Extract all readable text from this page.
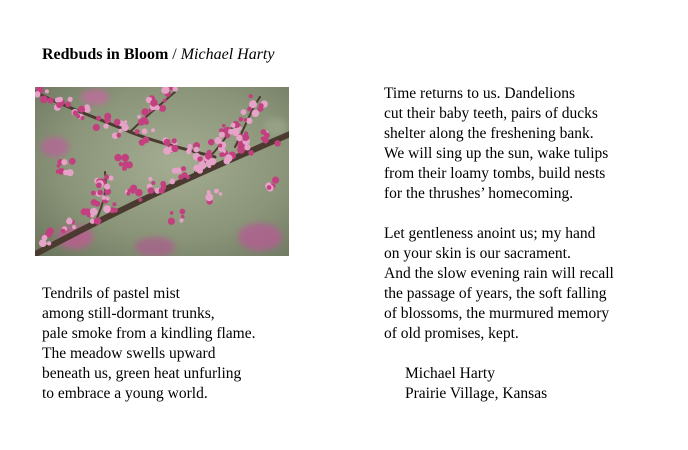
Redbuds in Bloom / Michael Harty
Tendrils of pastel mist
among still-dormant trunks,
pale smoke from a kindling flame.
The meadow swells upward
beneath us, green heat unfurling
to embrace a young world.
Time returns to us. Dandelions
cut their baby teeth, pairs of ducks
shelter along the freshening bank.
We will sing up the sun, wake tulips
from their loamy tombs, build nests
for the thrushes’ homecoming.
Let gentleness anoint us; my hand
on your skin is our sacrament.
And the slow evening rain will recall
the passage of years, the soft falling
of blossoms, the murmured memory
of old promises, kept.
Michael Harty
Prairie Village, Kansas
